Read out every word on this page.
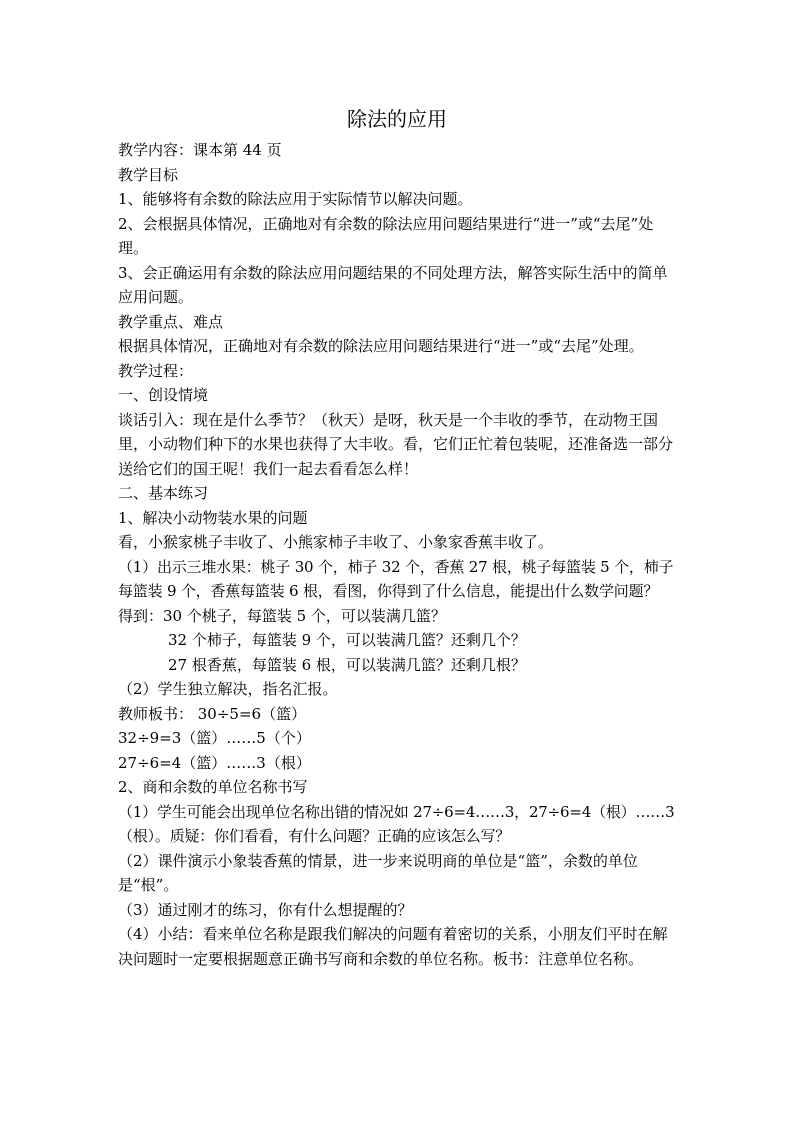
除法的应用

教学内容：课本第 44 页

教学目标

1、能够将有余数的除法应用于实际情节以解决问题。

2、会根据具体情况，正确地对有余数的除法应用问题结果进行“进一”或“去尾”处理。

3、会正确运用有余数的除法应用问题结果的不同处理方法，解答实际生活中的简单应用问题。

教学重点、难点

根据具体情况，正确地对有余数的除法应用问题结果进行“进一”或“去尾”处理。

教学过程：

一、创设情境

谈话引入：现在是什么季节？（秋天）是呀，秋天是一个丰收的季节，在动物王国里，小动物们种下的水果也获得了大丰收。看，它们正忙着包装呢，还准备选一部分送给它们的国王呢！我们一起去看看怎么样！

二、基本练习

1、解决小动物装水果的问题

看，小猴家桃子丰收了、小熊家柿子丰收了、小象家香蕉丰收了。

（1）出示三堆水果：桃子 30 个，柿子 32 个，香蕉 27 根，桃子每篮装 5 个，柿子每篮装 9 个，香蕉每篮装 6 根，看图，你得到了什么信息，能提出什么数学问题？

得到：30 个桃子，每篮装 5 个，可以装满几篮？

32 个柿子，每篮装 9 个，可以装满几篮？还剩几个？

27 根香蕉，每篮装 6 根，可以装满几篮？还剩几根？

（2）学生独立解决，指名汇报。

教师板书： 30÷5=6（篮）

32÷9=3（篮）……5（个）

27÷6=4（篮）……3（根）

2、商和余数的单位名称书写

（1）学生可能会出现单位名称出错的情况如 27÷6=4……3，27÷6=4（根）……3（根）。质疑：你们看看，有什么问题？正确的应该怎么写？

（2）课件演示小象装香蕉的情景，进一步来说明商的单位是“篮”，余数的单位是“根”。

（3）通过刚才的练习，你有什么想提醒的？

（4）小结：看来单位名称是跟我们解决的问题有着密切的关系，小朋友们平时在解决问题时一定要根据题意正确书写商和余数的单位名称。板书：注意单位名称。
